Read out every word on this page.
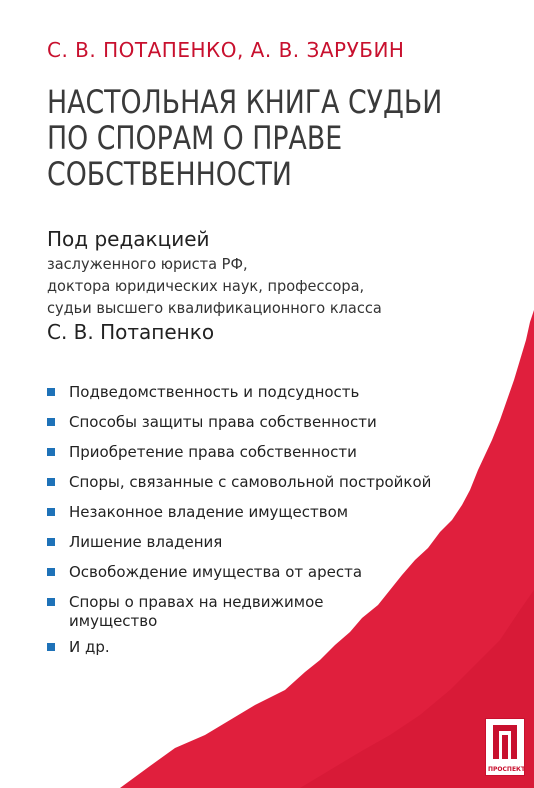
С. В. ПОТАПЕНКО, А. В. ЗАРУБИН
НАСТОЛЬНАЯ КНИГА СУДЬИ
ПО СПОРАМ О ПРАВЕ
СОБСТВЕННОСТИ
Под редакцией
заслуженного юриста РФ,
доктора юридических наук, профессора,
судьи высшего квалификационного класса
С. В. Потапенко
Подведомственность и подсудность
Способы защиты права собственности
Приобретение права собственности
Споры, связанные с самовольной постройкой
Незаконное владение имуществом
Лишение владения
Освобождение имущества от ареста
Споры о правах на недвижимое
имущество
И др.
ПРОСПЕКТ
